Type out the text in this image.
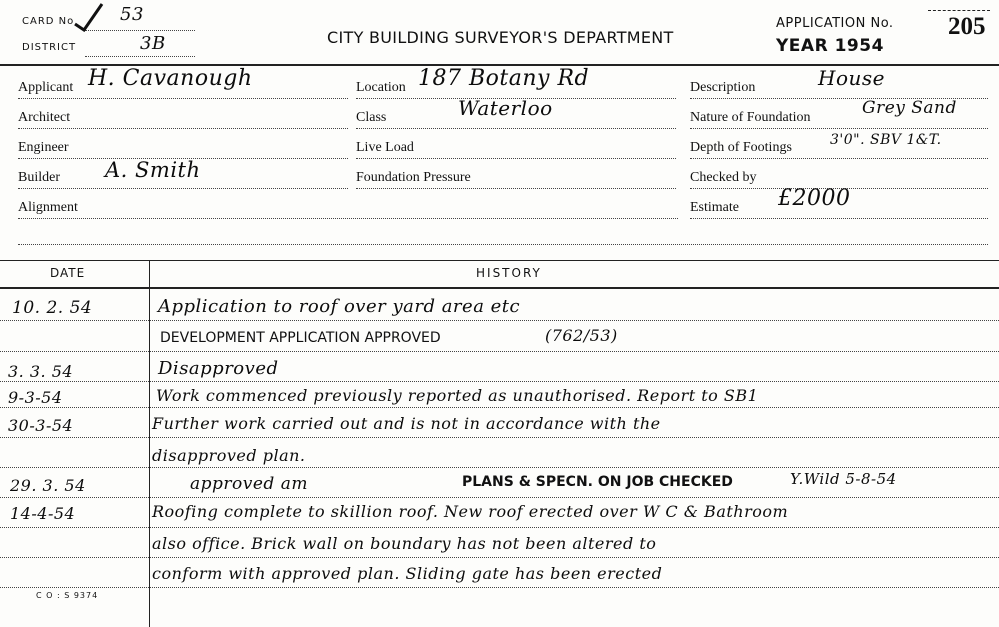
CARD No	53
DISTRICT	3B	CITY BUILDING SURVEYOR'S DEPARTMENT
APPLICATION No. 205
YEAR 1954
Applicant H. Cavanough
Architect
Engineer
Builder A. Smith
Alignment
Location 187 Botany Rd
Class	Waterloo
Live Load
Foundation Pressure
Description	House
Nature of Foundation	Grey Sand
Depth of Footings	3'0". SBV 1&T.
Checked by
Estimate £2000
DATE	HISTORY
10. 2. 54	Application to roof over yard area etc
DEVELOPMENT APPLICATION APPROVED	(762/53)
3. 3. 54	Disapproved
9-3-54	Work commenced previously reported as unauthorised. Report to SB1
30-3-54	Further work carried out and is not in accordance with the
disapproved plan.
29. 3. 54	approved am	PLANS & SPECN. ON JOB CHECKED	Y.Wild 5-8-54
14-4-54	Roofing complete to skillion roof. New roof erected over W C & Bathroom
also office. Brick wall on boundary has not been altered to
conform with approved plan. Sliding gate has been erected
C O : S 9374
